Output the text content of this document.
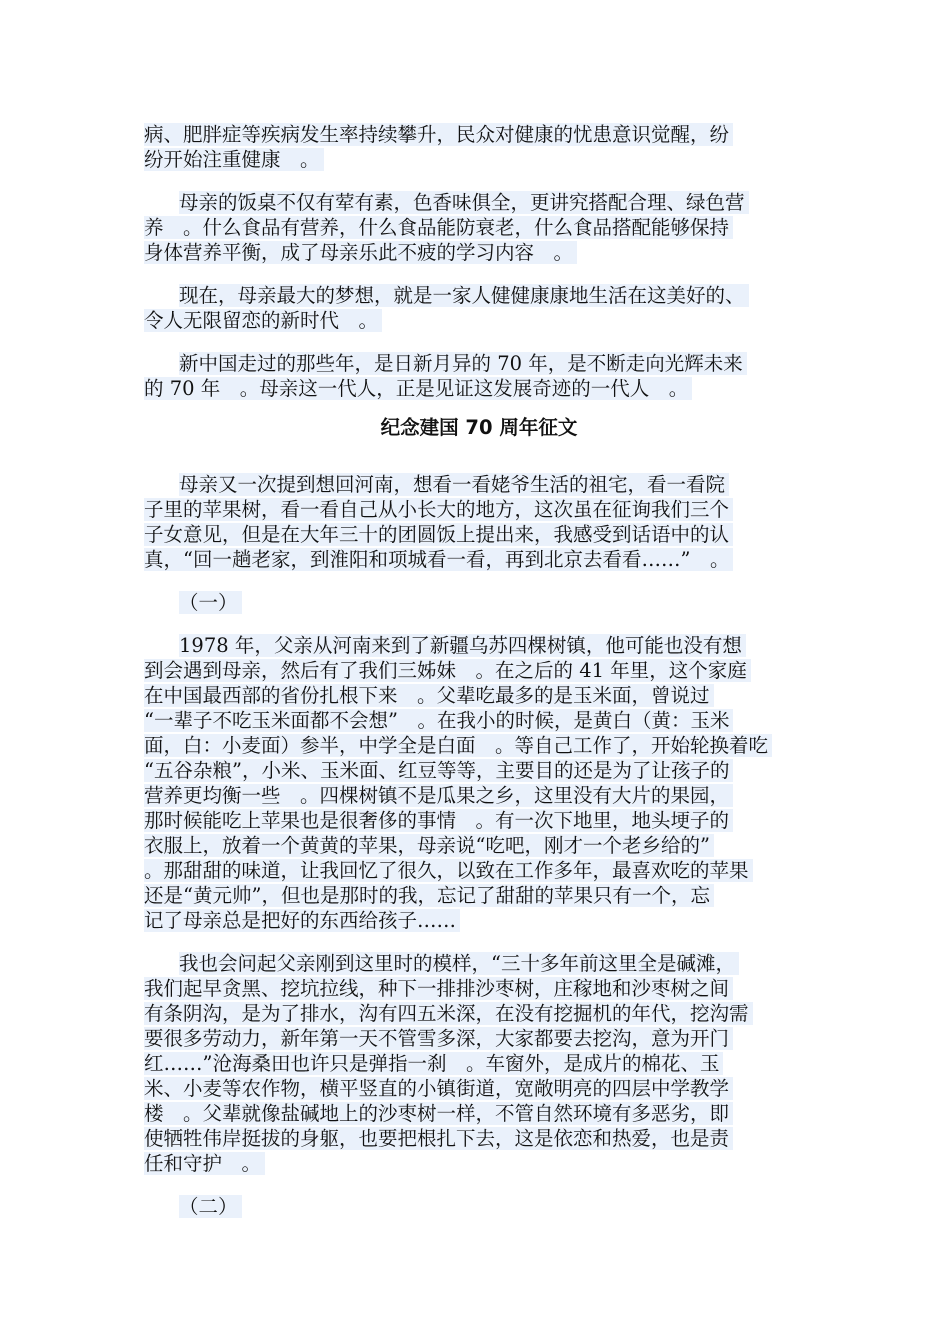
病、肥胖症等疾病发生率持续攀升，民众对健康的忧患意识觉醒，纷
纷开始注重健康　。
母亲的饭桌不仅有荤有素，色香味俱全，更讲究搭配合理、绿色营
养　。什么食品有营养，什么食品能防衰老，什么食品搭配能够保持
身体营养平衡，成了母亲乐此不疲的学习内容　。
现在，母亲最大的梦想，就是一家人健健康康地生活在这美好的、
令人无限留恋的新时代　。
新中国走过的那些年，是日新月异的 70 年，是不断走向光辉未来
的 70 年　。母亲这一代人，正是见证这发展奇迹的一代人　。
纪念建国 70 周年征文
母亲又一次提到想回河南，想看一看姥爷生活的祖宅，看一看院
子里的苹果树，看一看自己从小长大的地方，这次虽在征询我们三个
子女意见，但是在大年三十的团圆饭上提出来，我感受到话语中的认
真，“回一趟老家，到淮阳和项城看一看，再到北京去看看……”　。
（一）
1978 年，父亲从河南来到了新疆乌苏四棵树镇，他可能也没有想
到会遇到母亲，然后有了我们三姊妹　。在之后的 41 年里，这个家庭
在中国最西部的省份扎根下来　。父辈吃最多的是玉米面，曾说过
“一辈子不吃玉米面都不会想”　。在我小的时候，是黄白（黄：玉米
面，白：小麦面）参半，中学全是白面　。等自己工作了，开始轮换着吃
“五谷杂粮”，小米、玉米面、红豆等等，主要目的还是为了让孩子的
营养更均衡一些　。四棵树镇不是瓜果之乡，这里没有大片的果园，
那时候能吃上苹果也是很奢侈的事情　。有一次下地里，地头埂子的
衣服上，放着一个黄黄的苹果，母亲说“吃吧，刚才一个老乡给的”
。那甜甜的味道，让我回忆了很久，以致在工作多年，最喜欢吃的苹果
还是“黄元帅”，但也是那时的我，忘记了甜甜的苹果只有一个，忘
记了母亲总是把好的东西给孩子……
我也会问起父亲刚到这里时的模样，“三十多年前这里全是碱滩，
我们起早贪黑、挖坑拉线，种下一排排沙枣树，庄稼地和沙枣树之间
有条阴沟，是为了排水，沟有四五米深，在没有挖掘机的年代，挖沟需
要很多劳动力，新年第一天不管雪多深，大家都要去挖沟，意为开门
红……”沧海桑田也许只是弹指一刹　。车窗外，是成片的棉花、玉
米、小麦等农作物，横平竖直的小镇街道，宽敞明亮的四层中学教学
楼　。父辈就像盐碱地上的沙枣树一样，不管自然环境有多恶劣，即
使牺牲伟岸挺拔的身躯，也要把根扎下去，这是依恋和热爱，也是责
任和守护　。
（二）
